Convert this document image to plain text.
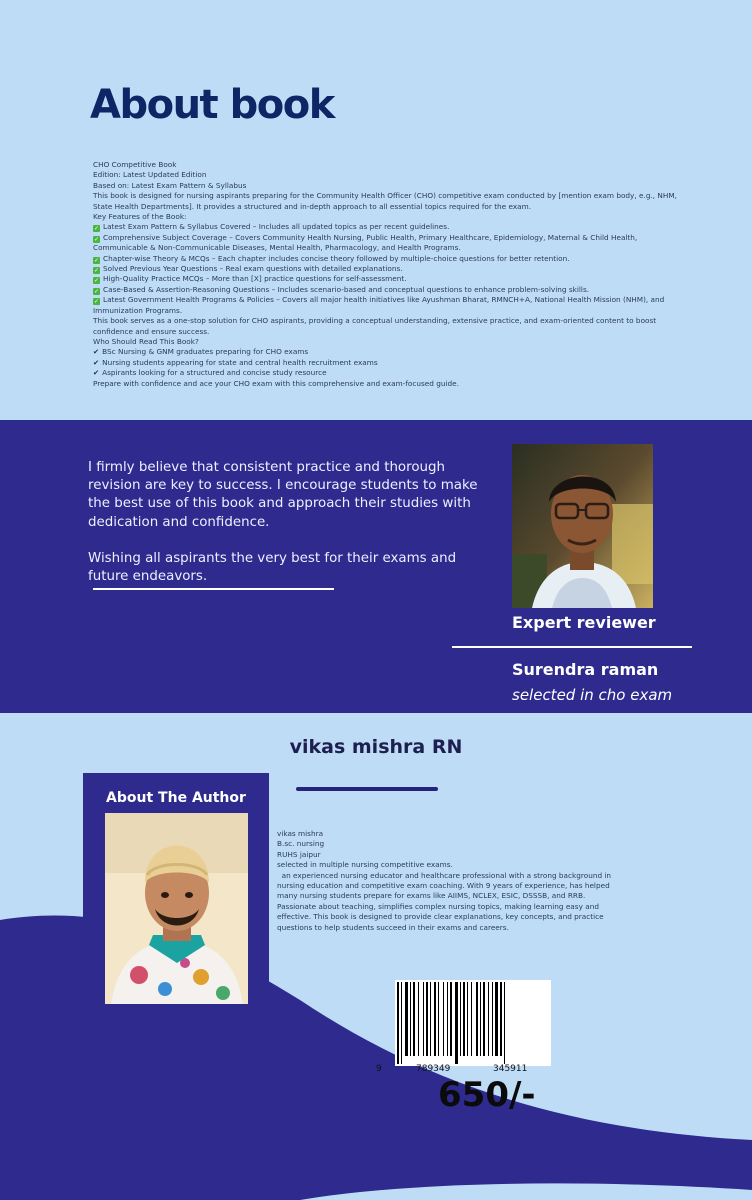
About book
CHO Competitive Book
Edition: Latest Updated Edition
Based on: Latest Exam Pattern & Syllabus
This book is designed for nursing aspirants preparing for the Community Health Officer (CHO) competitive exam conducted by [mention exam body, e.g., NHM, State Health Departments]. It provides a structured and in-depth approach to all essential topics required for the exam.
Key Features of the Book:
✓ Latest Exam Pattern & Syllabus Covered – Includes all updated topics as per recent guidelines.
✓ Comprehensive Subject Coverage – Covers Community Health Nursing, Public Health, Primary Healthcare, Epidemiology, Maternal & Child Health, Communicable & Non-Communicable Diseases, Mental Health, Pharmacology, and Health Programs.
✓ Chapter-wise Theory & MCQs – Each chapter includes concise theory followed by multiple-choice questions for better retention.
✓ Solved Previous Year Questions – Real exam questions with detailed explanations.
✓ High-Quality Practice MCQs – More than [X] practice questions for self-assessment.
✓ Case-Based & Assertion-Reasoning Questions – Includes scenario-based and conceptual questions to enhance problem-solving skills.
✓ Latest Government Health Programs & Policies – Covers all major health initiatives like Ayushman Bharat, RMNCH+A, National Health Mission (NHM), and Immunization Programs.
This book serves as a one-stop solution for CHO aspirants, providing a conceptual understanding, extensive practice, and exam-oriented content to boost confidence and ensure success.
Who Should Read This Book?
✔ BSc Nursing & GNM graduates preparing for CHO exams
✔ Nursing students appearing for state and central health recruitment exams
✔ Aspirants looking for a structured and concise study resource
Prepare with confidence and ace your CHO exam with this comprehensive and exam-focused guide.

I firmly believe that consistent practice and thorough revision are key to success. I encourage students to make the best use of this book and approach their studies with dedication and confidence.

Wishing all aspirants the very best for their exams and future endeavors.

Expert reviewer
Surendra raman
selected in cho exam
vikas mishra RN
About The Author
vikas mishra
B.sc. nursing
RUHS jaipur
selected in multiple nursing competitive exams.
an experienced nursing educator and healthcare professional with a strong background in nursing education and competitive exam coaching. With 9 years of experience, has helped many nursing students prepare for exams like AIIMS, NCLEX, ESIC, DSSSB, and RRB.
Passionate about teaching, simplifies complex nursing topics, making learning easy and effective. This book is designed to provide clear explanations, key concepts, and practice questions to help students succeed in their exams and careers.
9	789349	345911
650/-
